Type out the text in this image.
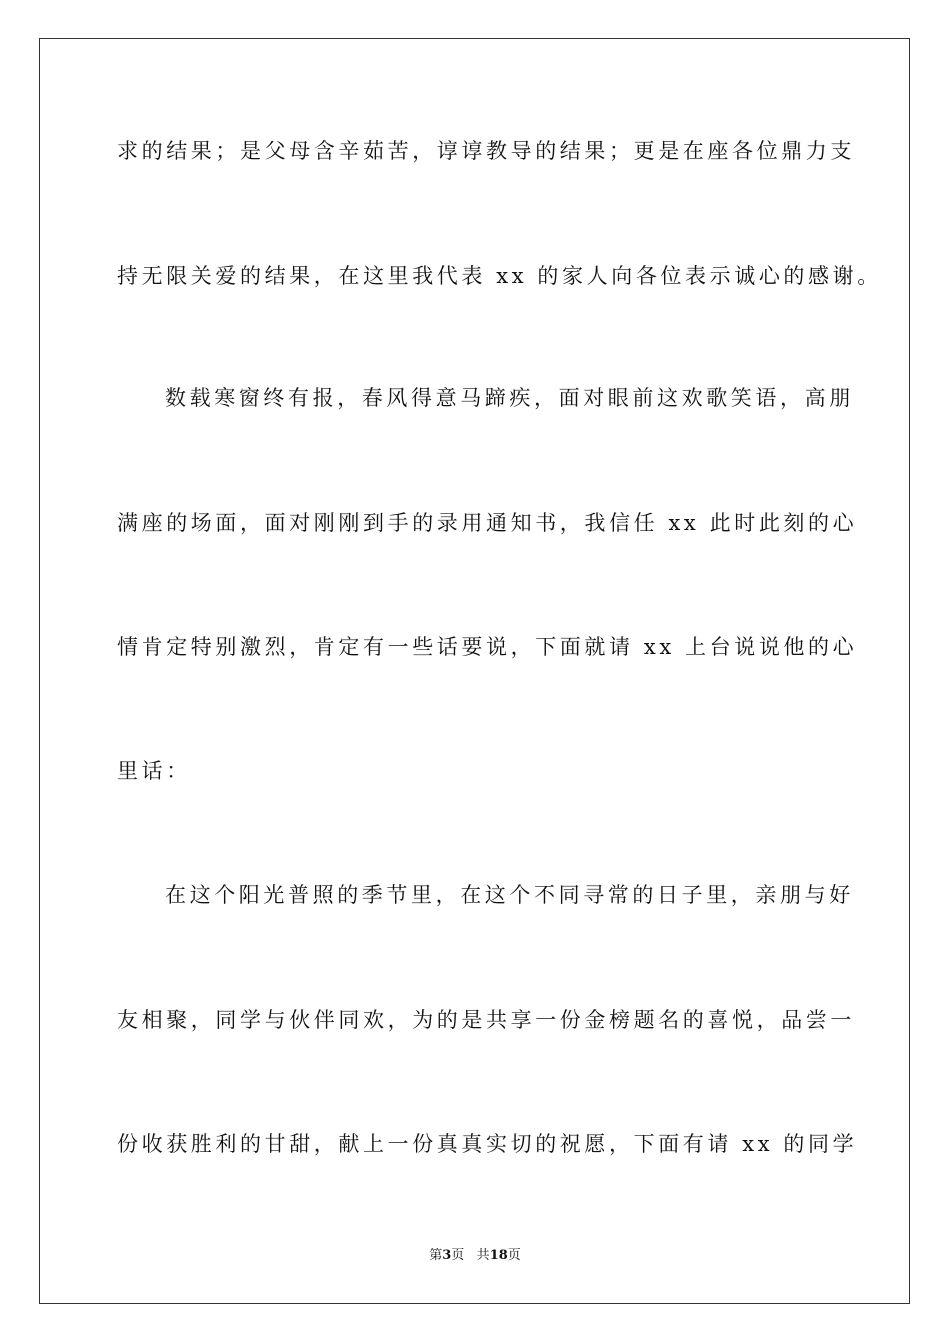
求的结果；是父母含辛茹苦，谆谆教导的结果；更是在座各位鼎力支
持无限关爱的结果，在这里我代表 xx 的家人向各位表示诚心的感谢。
数载寒窗终有报，春风得意马蹄疾，面对眼前这欢歌笑语，高朋
满座的场面，面对刚刚到手的录用通知书，我信任 xx 此时此刻的心
情肯定特别激烈，肯定有一些话要说，下面就请 xx 上台说说他的心
里话：
在这个阳光普照的季节里，在这个不同寻常的日子里，亲朋与好
友相聚，同学与伙伴同欢，为的是共享一份金榜题名的喜悦，品尝一
份收获胜利的甘甜，献上一份真真实切的祝愿，下面有请 xx 的同学
第3页 共18页
